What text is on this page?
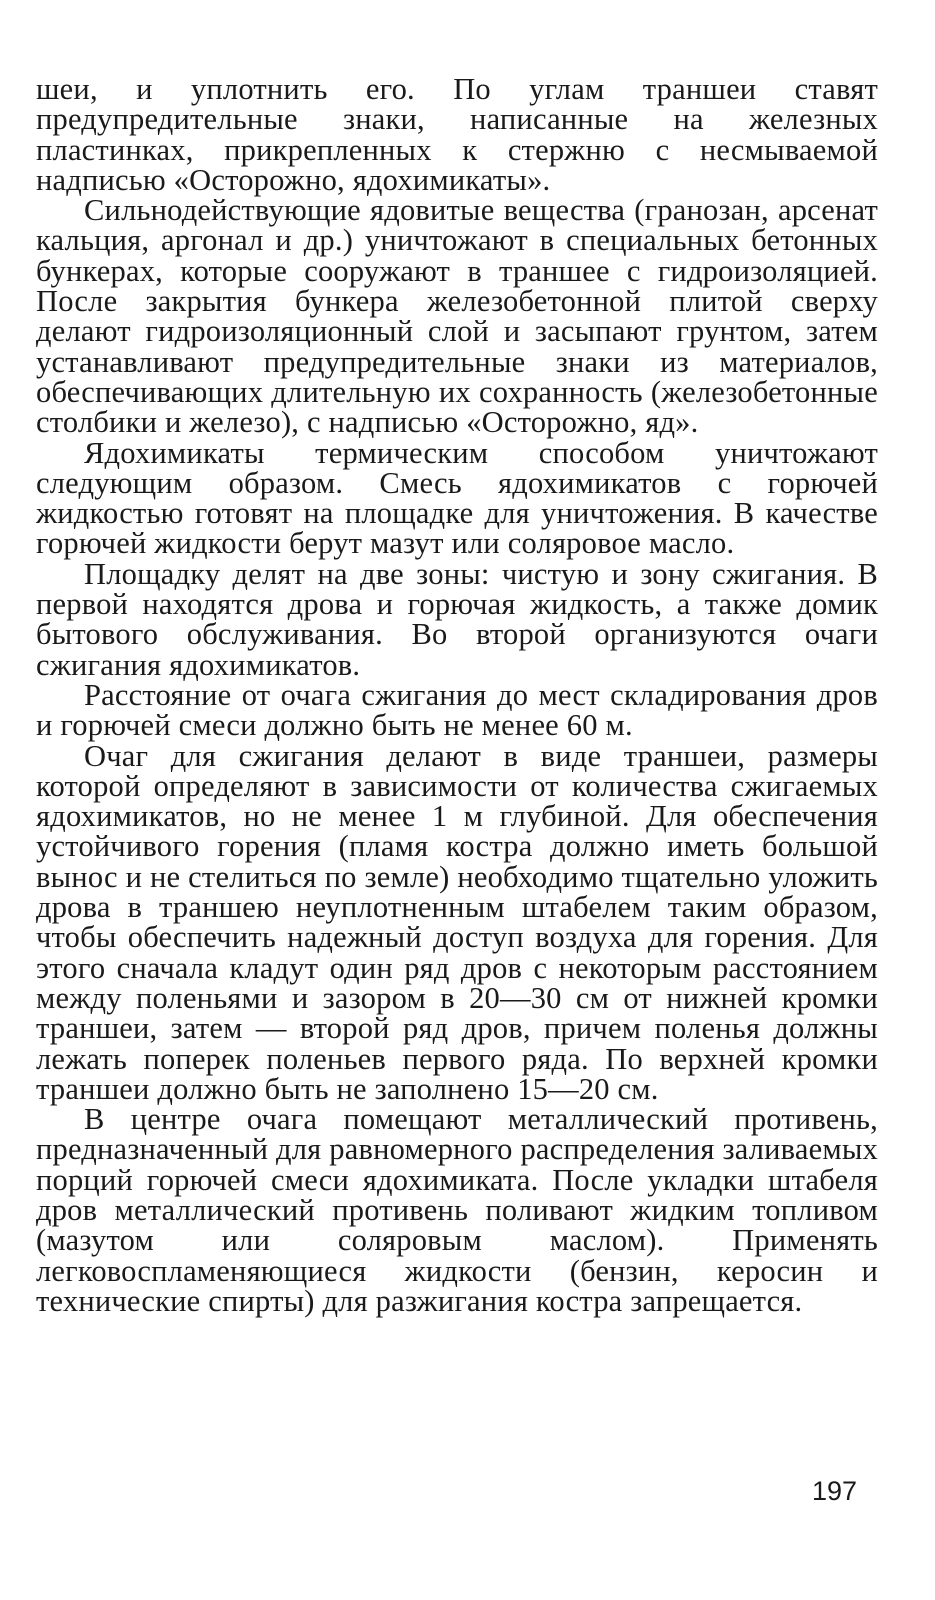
шеи, и уплотнить его. По углам траншеи ставят предупредительные знаки, написанные на железных пластинках, прикрепленных к стержню с несмываемой надписью «Осторожно, ядохимикаты».

Сильнодействующие ядовитые вещества (гранозан, арсенат кальция, аргонал и др.) уничтожают в специальных бетонных бункерах, которые сооружают в траншее с гидроизоляцией. После закрытия бункера железобетонной плитой сверху делают гидроизоляционный слой и засыпают грунтом, затем устанавливают предупредительные знаки из материалов, обеспечивающих длительную их сохранность (железобетонные столбики и железо), с надписью «Осторожно, яд».

Ядохимикаты термическим способом уничтожают следующим образом. Смесь ядохимикатов с горючей жидкостью готовят на площадке для уничтожения. В качестве горючей жидкости берут мазут или соляровое масло.

Площадку делят на две зоны: чистую и зону сжигания. В первой находятся дрова и горючая жидкость, а также домик бытового обслуживания. Во второй организуются очаги сжигания ядохимикатов.

Расстояние от очага сжигания до мест складирования дров и горючей смеси должно быть не менее 60 м.

Очаг для сжигания делают в виде траншеи, размеры которой определяют в зависимости от количества сжигаемых ядохимикатов, но не менее 1 м глубиной. Для обеспечения устойчивого горения (пламя костра должно иметь большой вынос и не стелиться по земле) необходимо тщательно уложить дрова в траншею неуплотненным штабелем таким образом, чтобы обеспечить надежный доступ воздуха для горения. Для этого сначала кладут один ряд дров с некоторым расстоянием между поленьями и зазором в 20—30 см от нижней кромки траншеи, затем — второй ряд дров, причем поленья должны лежать поперек поленьев первого ряда. По верхней кромки траншеи должно быть не заполнено 15—20 см.

В центре очага помещают металлический противень, предназначенный для равномерного распределения заливаемых порций горючей смеси ядохимиката. После укладки штабеля дров металлический противень поливают жидким топливом (мазутом или соляровым маслом). Применять легковоспламеняющиеся жидкости (бензин, керосин и технические спирты) для разжигания костра запрещается.

197
